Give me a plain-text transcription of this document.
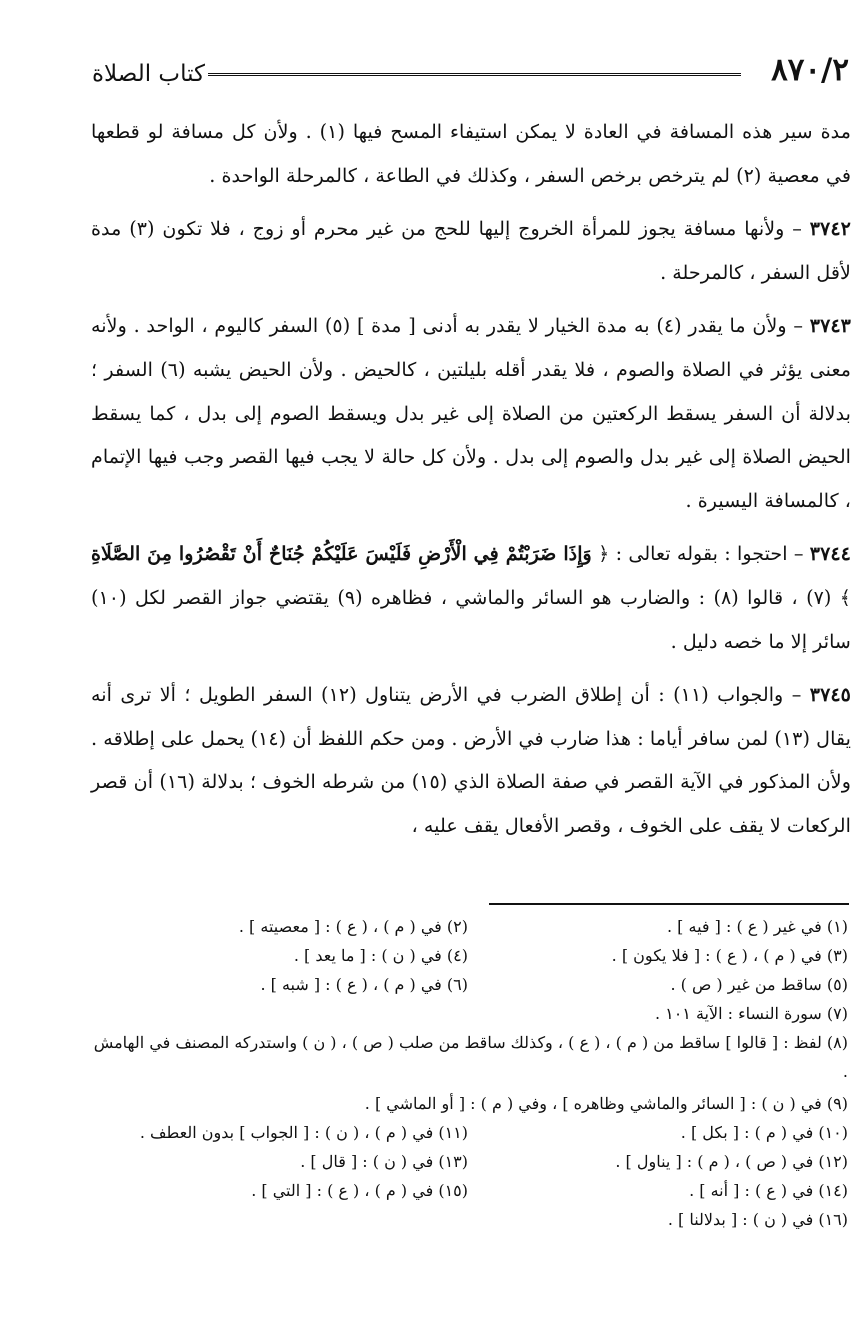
٨٧٠/٢
كتاب الصلاة

مدة سير هذه المسافة في العادة لا يمكن استيفاء المسح فيها (١) . ولأن كل مسافة لو قطعها في معصية (٢) لم يترخص برخص السفر ، وكذلك في الطاعة ، كالمرحلة الواحدة .

٣٧٤٢ – ولأنها مسافة يجوز للمرأة الخروج إليها للحج من غير محرم أو زوج ، فلا تكون (٣) مدة لأقل السفر ، كالمرحلة .

٣٧٤٣ – ولأن ما يقدر (٤) به مدة الخيار لا يقدر به أدنى [ مدة ] (٥) السفر كاليوم ، الواحد . ولأنه معنى يؤثر في الصلاة والصوم ، فلا يقدر أقله بليلتين ، كالحيض . ولأن الحيض يشبه (٦) السفر ؛ بدلالة أن السفر يسقط الركعتين من الصلاة إلى غير بدل ويسقط الصوم إلى بدل ، كما يسقط الحيض الصلاة إلى غير بدل والصوم إلى بدل . ولأن كل حالة لا يجب فيها القصر وجب فيها الإتمام ، كالمسافة اليسيرة .

٣٧٤٤ – احتجوا : بقوله تعالى : ﴿ وَإِذَا ضَرَبْتُمْ فِي الْأَرْضِ فَلَيْسَ عَلَيْكُمْ جُنَاحٌ أَنْ تَقْصُرُوا مِنَ الصَّلَاةِ ﴾ (٧) ، قالوا (٨) : والضارب هو السائر والماشي ، فظاهره (٩) يقتضي جواز القصر لكل (١٠) سائر إلا ما خصه دليل .

٣٧٤٥ – والجواب (١١) : أن إطلاق الضرب في الأرض يتناول (١٢) السفر الطويل ؛ ألا ترى أنه يقال (١٣) لمن سافر أياما : هذا ضارب في الأرض . ومن حكم اللفظ أن (١٤) يحمل على إطلاقه . ولأن المذكور في الآية القصر في صفة الصلاة الذي (١٥) من شرطه الخوف ؛ بدلالة (١٦) أن قصر الركعات لا يقف على الخوف ، وقصر الأفعال يقف عليه ،

(١) في غير ( ع ) : [ فيه ] .
(٢) في ( م ) ، ( ع ) : [ معصيته ] .
(٣) في ( م ) ، ( ع ) : [ فلا يكون ] .
(٤) في ( ن ) : [ ما يعد ] .
(٥) ساقط من غير ( ص ) .
(٦) في ( م ) ، ( ع ) : [ شبه ] .
(٧) سورة النساء : الآية ١٠١ .
(٨) لفظ : [ قالوا ] ساقط من ( م ) ، ( ع ) ، وكذلك ساقط من صلب ( ص ) ، ( ن ) واستدركه المصنف في الهامش .
(٩) في ( ن ) : [ السائر والماشي وظاهره ] ، وفي ( م ) : [ أو الماشي ] .
(١٠) في ( م ) : [ بكل ] .
(١١) في ( م ) ، ( ن ) : [ الجواب ] بدون العطف .
(١٢) في ( ص ) ، ( م ) : [ يناول ] .
(١٣) في ( ن ) : [ قال ] .
(١٤) في ( ع ) : [ أنه ] .
(١٥) في ( م ) ، ( ع ) : [ التي ] .
(١٦) في ( ن ) : [ بدلالنا ] .
